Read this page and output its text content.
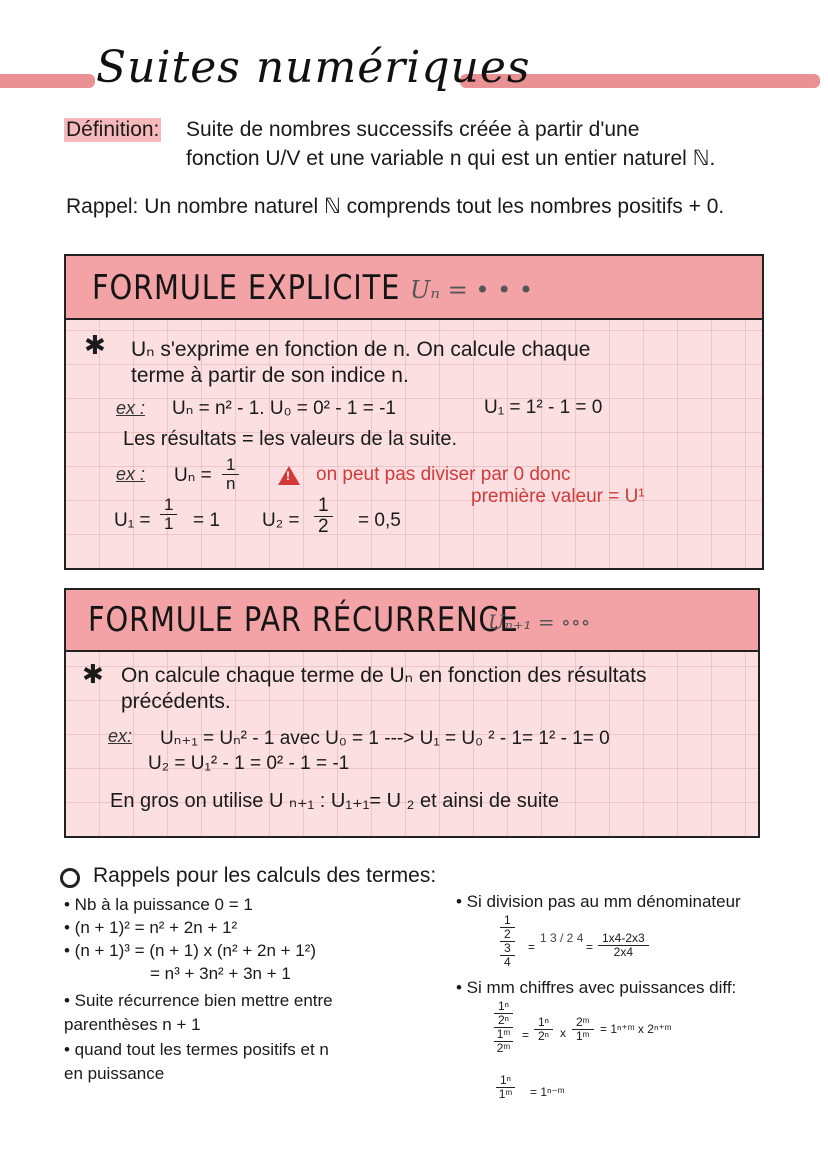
Suites numériques
Définition: Suite de nombres successifs créée à partir d'une
fonction U/V et une variable n qui est un entier naturel ℕ.
Rappel: Un nombre naturel ℕ comprends tout les nombres positifs + 0.
FORMULE EXPLICITE Uₙ = • • •
✱ Uₙ s'exprime en fonction de n. On calcule chaque
terme à partir de son indice n.
ex : Uₙ = n² - 1. U₀ = 0² - 1 = -1	U₁ = 1² - 1 = 0
Les résultats = les valeurs de la suite.
ex : $U_n = \frac{1}{n}$
!	on peut pas diviser par 0 donc
première valeur = U¹
$U_1 = \frac{1}{1} = 1$ $U_2 = \frac{1}{2} = 0,5$
FORMULE PAR RÉCURRENCE
Uₙ₊₁ = ∘∘∘
✱ On calcule chaque terme de Uₙ en fonction des résultats
précédents.
ex: Uₙ₊₁ = Uₙ² - 1 avec U₀ = 1 ---> U₁ = U₀ ² - 1= 1² - 1= 0
U₂ = U₁² - 1 = 0² - 1 = -1
En gros on utilise U ₙ₊₁ : U₁₊₁= U ₂ et ainsi de suite
Rappels pour les calculs des termes:
• Nb à la puissance 0 = 1
• (n + 1)² = n² + 2n + 1²
• (n + 1)³ = (n + 1) x (n² + 2n + 1²)
= n³ + 3n² + 3n + 1
• Suite récurrence bien mettre entre
parenthèses n + 1
• quand tout les termes positifs et n
en puissance
• Si division pas au mm dénominateur
1
2
3
4
=
1 3 / 2 4
= $\frac{1x4-2x3}{2x4}$
• Si mm chiffres avec puissances diff:
1ⁿ
2ⁿ
1ᵐ
2ᵐ
= $\frac{\text{1ⁿ}}{\text{2ⁿ}}$ x $\frac{\text{2ᵐ}}{\text{1ᵐ}}$ = 1ⁿ⁺ᵐ x 2ⁿ⁺ᵐ
$\frac{\text{1ⁿ}}{\text{1ᵐ}}$ = 1ⁿ⁻ᵐ
